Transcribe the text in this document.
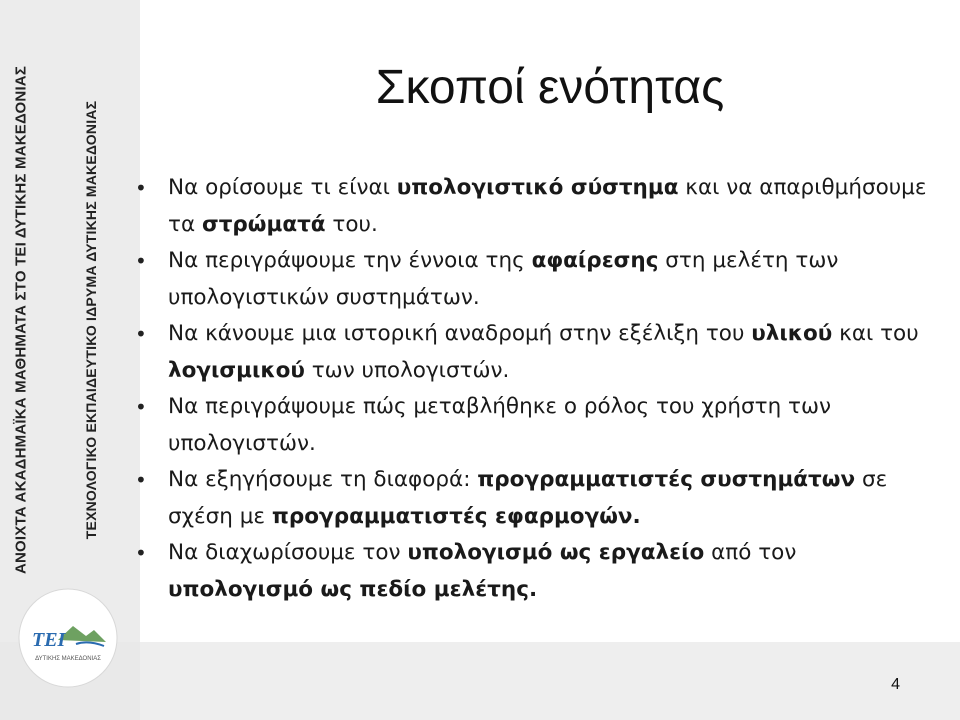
ΑΝΟΙΧΤΑ ΑΚΑΔΗΜΑΪΚΑ ΜΑΘΗΜΑΤΑ ΣΤΟ ΤΕΙ ΔΥΤΙΚΗΣ ΜΑΚΕΔΟΝΙΑΣ	ΤΕΧΝΟΛΟΓΙΚΟ ΕΚΠΑΙΔΕΥΤΙΚΟ ΙΔΡΥΜΑ ΔΥΤΙΚΗΣ ΜΑΚΕΔΟΝΙΑΣ
ΤΕΙ
ΔΥΤΙΚΗΣ ΜΑΚΕΔΟΝΙΑΣ
Σκοποί ενότητας
• Να ορίσουμε τι είναι υπολογιστικό σύστημα και να απαριθμήσουμε τα στρώματά του.
• Να περιγράψουμε την έννοια της αφαίρεσης στη μελέτη των υπολογιστικών συστημάτων.
• Να κάνουμε μια ιστορική αναδρομή στην εξέλιξη του υλικού και του λογισμικού των υπολογιστών.
• Να περιγράψουμε πώς μεταβλήθηκε ο ρόλος του χρήστη των υπολογιστών.
• Να εξηγήσουμε τη διαφορά: προγραμματιστές συστημάτων σε σχέση με προγραμματιστές εφαρμογών.
• Να διαχωρίσουμε τον υπολογισμό ως εργαλείο από τον υπολογισμό ως πεδίο μελέτης.
4
